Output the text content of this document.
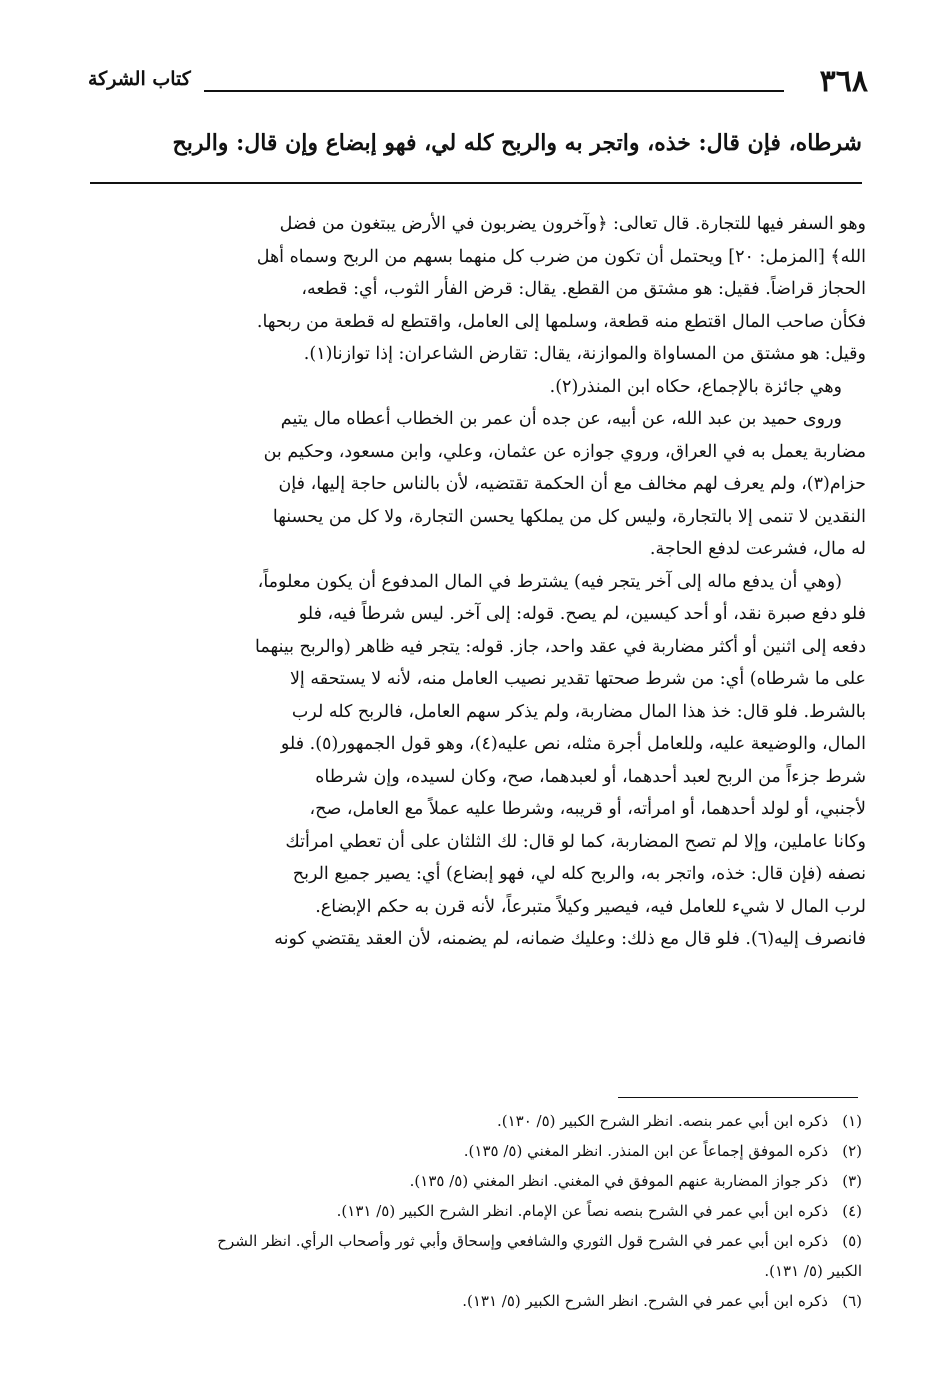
٣٦٨
كتاب الشركة
شرطاه، فإن قال: خذه، واتجر به والربح كله لي، فهو إبضاع وإن قال: والربح
وهو السفر فيها للتجارة. قال تعالى: ﴿وآخرون يضربون في الأرض يبتغون من فضل
الله﴾ [المزمل: ٢٠] ويحتمل أن تكون من ضرب كل منهما بسهم من الربح وسماه أهل
الحجاز قراضاً. فقيل: هو مشتق من القطع. يقال: قرض الفأر الثوب، أي: قطعه،
فكأن صاحب المال اقتطع منه قطعة، وسلمها إلى العامل، واقتطع له قطعة من ربحها.
وقيل: هو مشتق من المساواة والموازنة، يقال: تقارض الشاعران: إذا توازنا(١).
وهي جائزة بالإجماع، حكاه ابن المنذر(٢).
وروى حميد بن عبد الله، عن أبيه، عن جده أن عمر بن الخطاب أعطاه مال يتيم
مضاربة يعمل به في العراق، وروي جوازه عن عثمان، وعلي، وابن مسعود، وحكيم بن
حزام(٣)، ولم يعرف لهم مخالف مع أن الحكمة تقتضيه، لأن بالناس حاجة إليها، فإن
النقدين لا تنمى إلا بالتجارة، وليس كل من يملكها يحسن التجارة، ولا كل من يحسنها
له مال، فشرعت لدفع الحاجة.
(وهي أن يدفع ماله إلى آخر يتجر فيه) يشترط في المال المدفوع أن يكون معلوماً،
فلو دفع صبرة نقد، أو أحد كيسين، لم يصح. قوله: إلى آخر. ليس شرطاً فيه، فلو
دفعه إلى اثنين أو أكثر مضاربة في عقد واحد، جاز. قوله: يتجر فيه ظاهر (والربح بينهما
على ما شرطاه) أي: من شرط صحتها تقدير نصيب العامل منه، لأنه لا يستحقه إلا
بالشرط. فلو قال: خذ هذا المال مضاربة، ولم يذكر سهم العامل، فالربح كله لرب
المال، والوضيعة عليه، وللعامل أجرة مثله، نص عليه(٤)، وهو قول الجمهور(٥). فلو
شرط جزءاً من الربح لعبد أحدهما، أو لعبدهما، صح، وكان لسيده، وإن شرطاه
لأجنبي، أو لولد أحدهما، أو امرأته، أو قريبه، وشرطا عليه عملاً مع العامل، صح،
وكانا عاملين، وإلا لم تصح المضاربة، كما لو قال: لك الثلثان على أن تعطي امرأتك
نصفه (فإن قال: خذه، واتجر به، والربح كله لي، فهو إبضاع) أي: يصير جميع الربح
لرب المال لا شيء للعامل فيه، فيصير وكيلاً متبرعاً، لأنه قرن به حكم الإبضاع.
فانصرف إليه(٦). فلو قال مع ذلك: وعليك ضمانه، لم يضمنه، لأن العقد يقتضي كونه
(١)ذكره ابن أبي عمر بنصه. انظر الشرح الكبير (٥/ ١٣٠).
(٢)ذكره الموفق إجماعاً عن ابن المنذر. انظر المغني (٥/ ١٣٥).
(٣)ذكر جواز المضاربة عنهم الموفق في المغني. انظر المغني (٥/ ١٣٥).
(٤)ذكره ابن أبي عمر في الشرح بنصه نصاً عن الإمام. انظر الشرح الكبير (٥/ ١٣١).
(٥)ذكره ابن أبي عمر في الشرح قول الثوري والشافعي وإسحاق وأبي ثور وأصحاب الرأي. انظر الشرح
الكبير (٥/ ١٣١).
(٦)ذكره ابن أبي عمر في الشرح. انظر الشرح الكبير (٥/ ١٣١).
